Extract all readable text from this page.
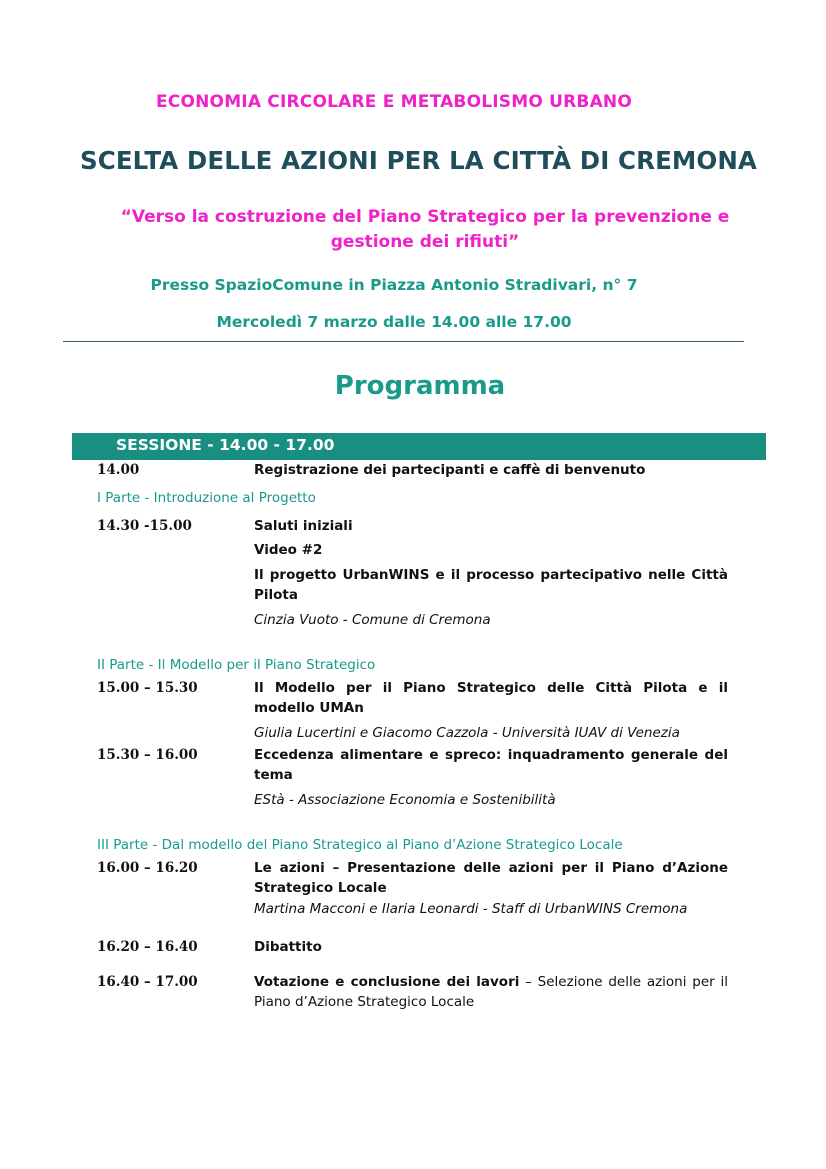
ECONOMIA CIRCOLARE E METABOLISMO URBANO
SCELTA DELLE AZIONI PER LA CITTÀ DI CREMONA
“Verso la costruzione del Piano Strategico per la prevenzione e
gestione dei rifiuti”
Presso SpazioComune in Piazza Antonio Stradivari, n° 7
Mercoledì 7 marzo dalle 14.00 alle 17.00
Programma
SESSIONE - 14.00 - 17.00
14.00	Registrazione dei partecipanti e caffè di benvenuto
I Parte - Introduzione al Progetto
14.30 -15.00	Saluti iniziali
Video #2
Il progetto UrbanWINS e il processo partecipativo nelle Città Pilota
Cinzia Vuoto - Comune di Cremona
II Parte - Il Modello per il Piano Strategico
15.00 – 15.30	Il Modello per il Piano Strategico delle Città Pilota e il modello UMAn
Giulia Lucertini e Giacomo Cazzola - Università IUAV di Venezia
15.30 – 16.00	Eccedenza alimentare e spreco: inquadramento generale del tema
EStà - Associazione Economia e Sostenibilità
III Parte - Dal modello del Piano Strategico al Piano d’Azione Strategico Locale
16.00 – 16.20	Le azioni – Presentazione delle azioni per il Piano d’Azione Strategico Locale
Martina Macconi e Ilaria Leonardi - Staff di UrbanWINS Cremona
16.20 – 16.40	Dibattito
16.40 – 17.00	Votazione e conclusione dei lavori – Selezione delle azioni per il Piano d’Azione Strategico Locale
